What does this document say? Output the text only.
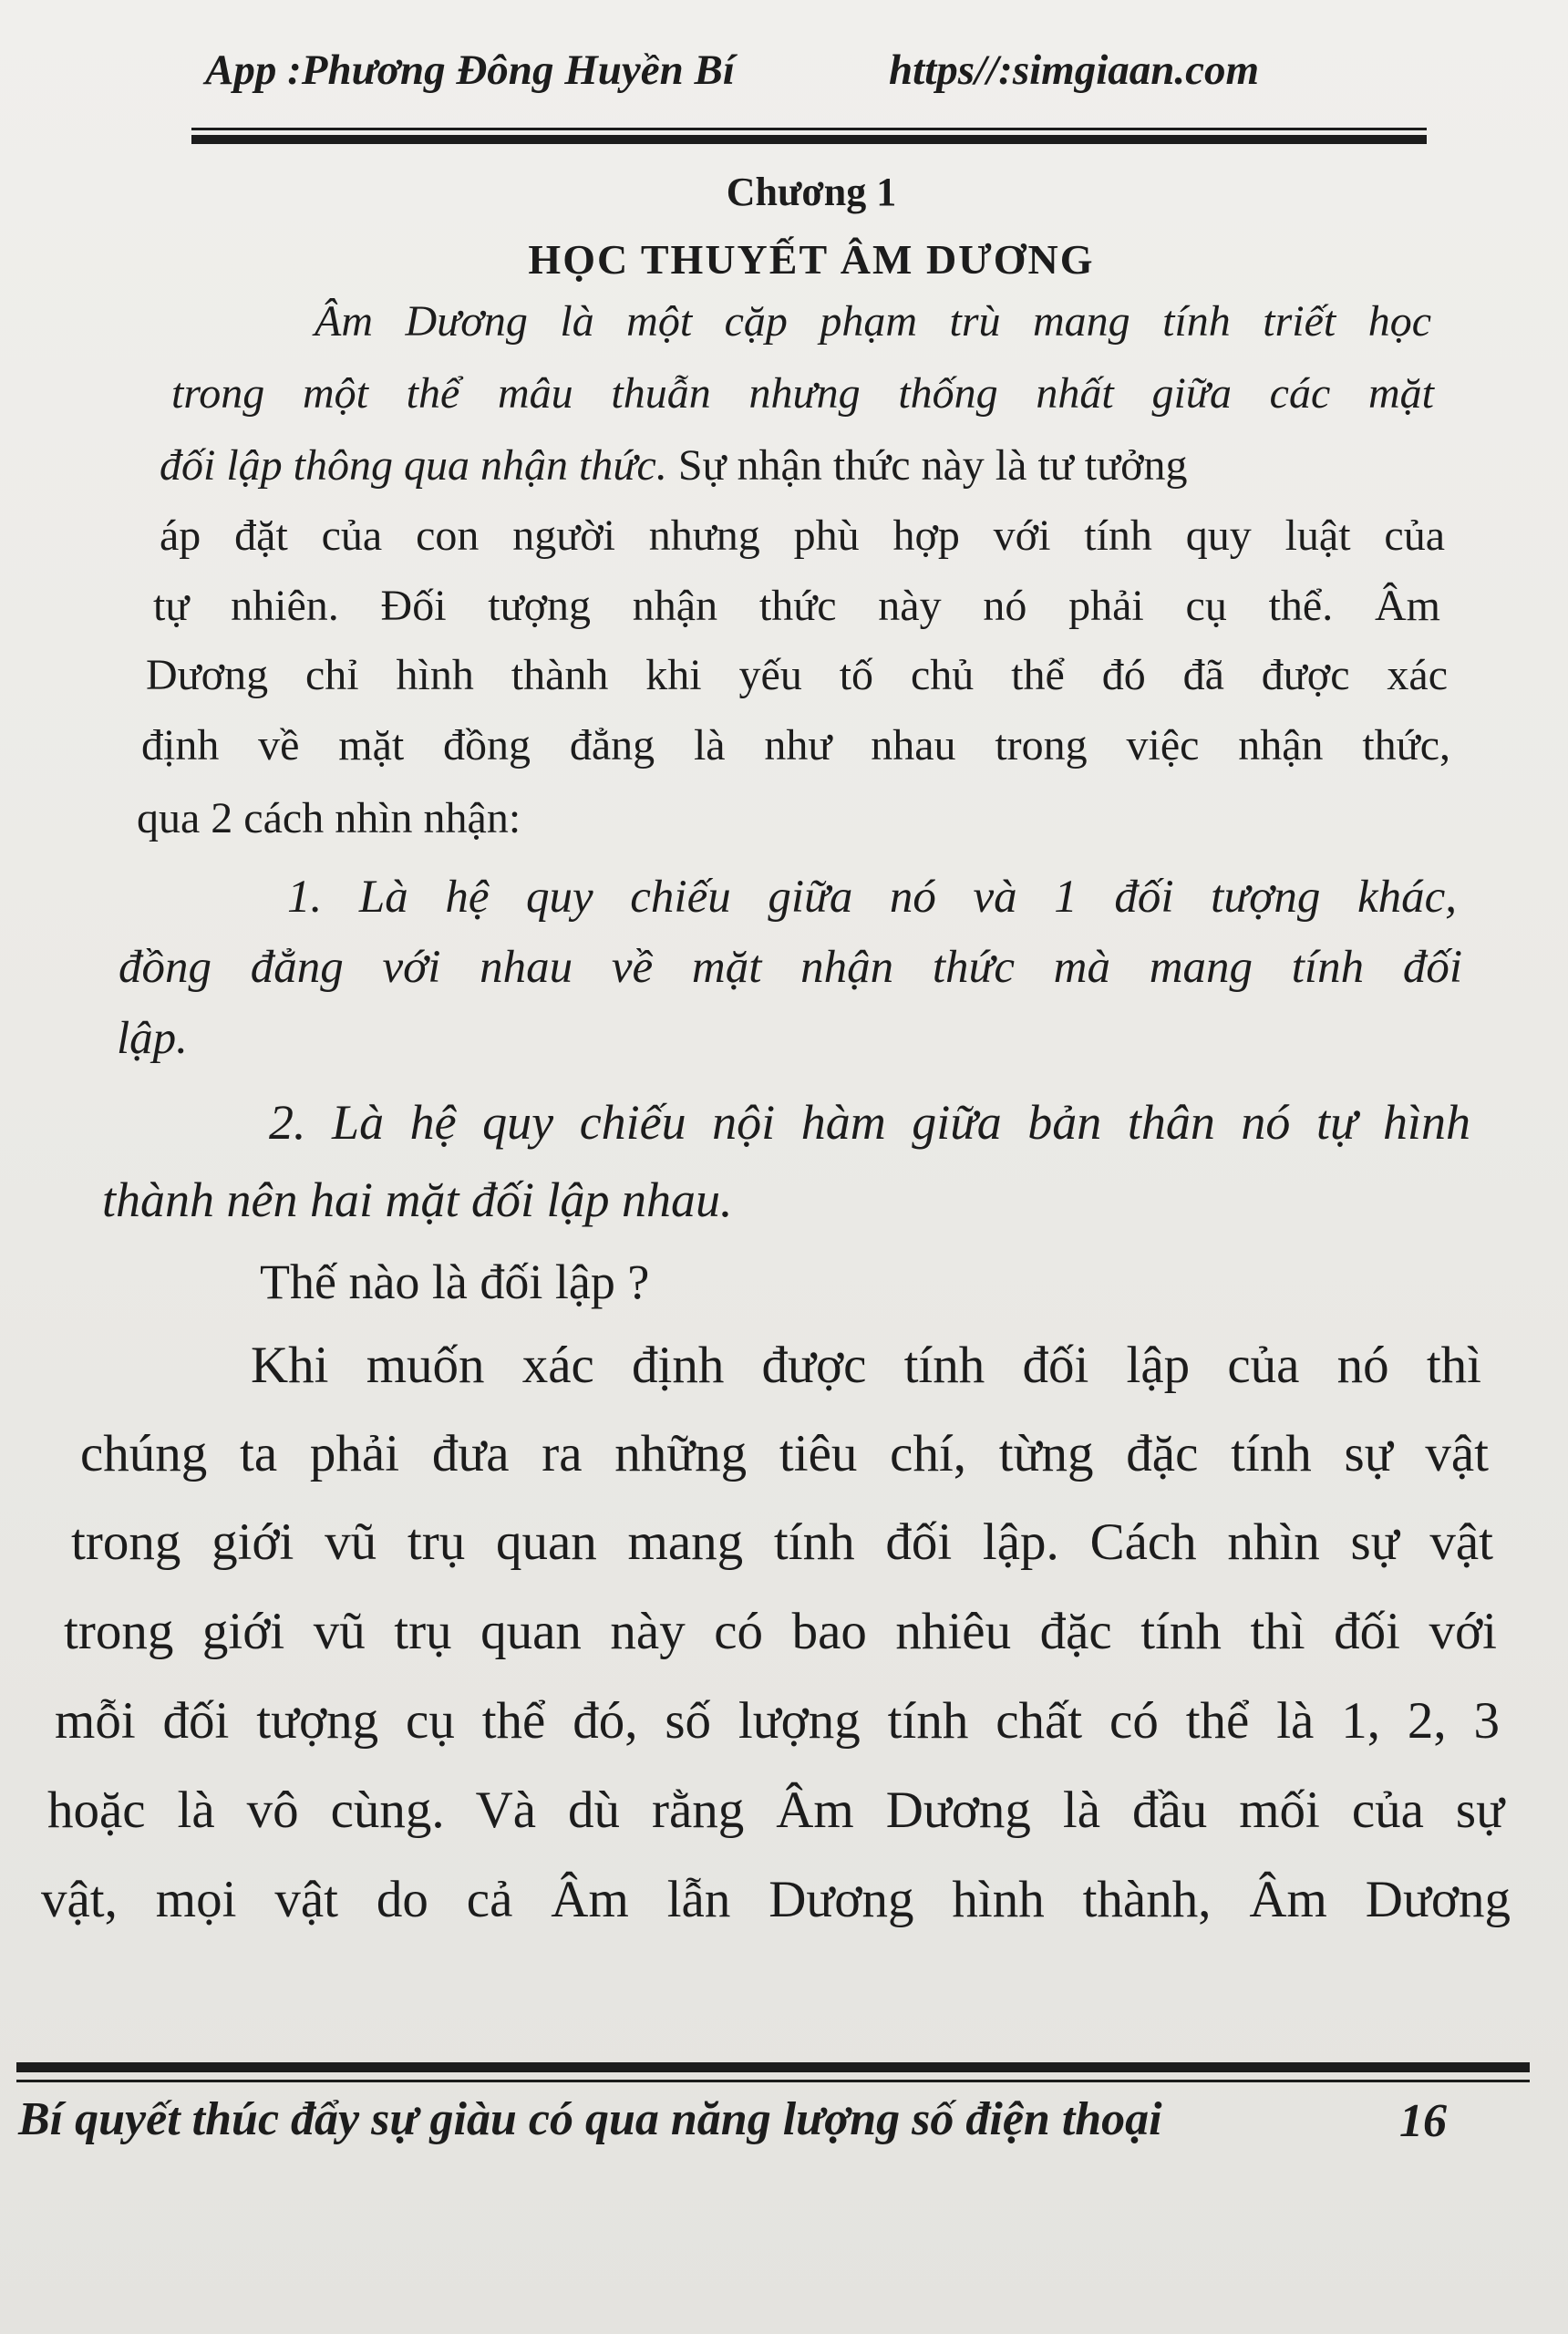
App :Phương Đông Huyền Bí	https//:simgiaan.com
Chương 1
HỌC THUYẾT ÂM DƯƠNG
Âm Dương là một cặp phạm trù mang tính triết học
trong một thể mâu thuẫn nhưng thống nhất giữa các mặt
đối lập thông qua nhận thức. Sự nhận thức này là tư tưởng
áp đặt của con người nhưng phù hợp với tính quy luật của
tự nhiên. Đối tượng nhận thức này nó phải cụ thể. Âm
Dương chỉ hình thành khi yếu tố chủ thể đó đã được xác
định về mặt đồng đẳng là như nhau trong việc nhận thức,
qua 2 cách nhìn nhận:
1. Là hệ quy chiếu giữa nó và 1 đối tượng khác,
đồng đẳng với nhau về mặt nhận thức mà mang tính đối
lập.
2. Là hệ quy chiếu nội hàm giữa bản thân nó tự hình
thành nên hai mặt đối lập nhau.
Thế nào là đối lập ?
Khi muốn xác định được tính đối lập của nó thì
chúng ta phải đưa ra những tiêu chí, từng đặc tính sự vật
trong giới vũ trụ quan mang tính đối lập. Cách nhìn sự vật
trong giới vũ trụ quan này có bao nhiêu đặc tính thì đối với
mỗi đối tượng cụ thể đó, số lượng tính chất có thể là 1, 2, 3
hoặc là vô cùng. Và dù rằng Âm Dương là đầu mối của sự
vật, mọi vật do cả Âm lẫn Dương hình thành, Âm Dương
Bí quyết thúc đẩy sự giàu có qua năng lượng số điện thoại	16
